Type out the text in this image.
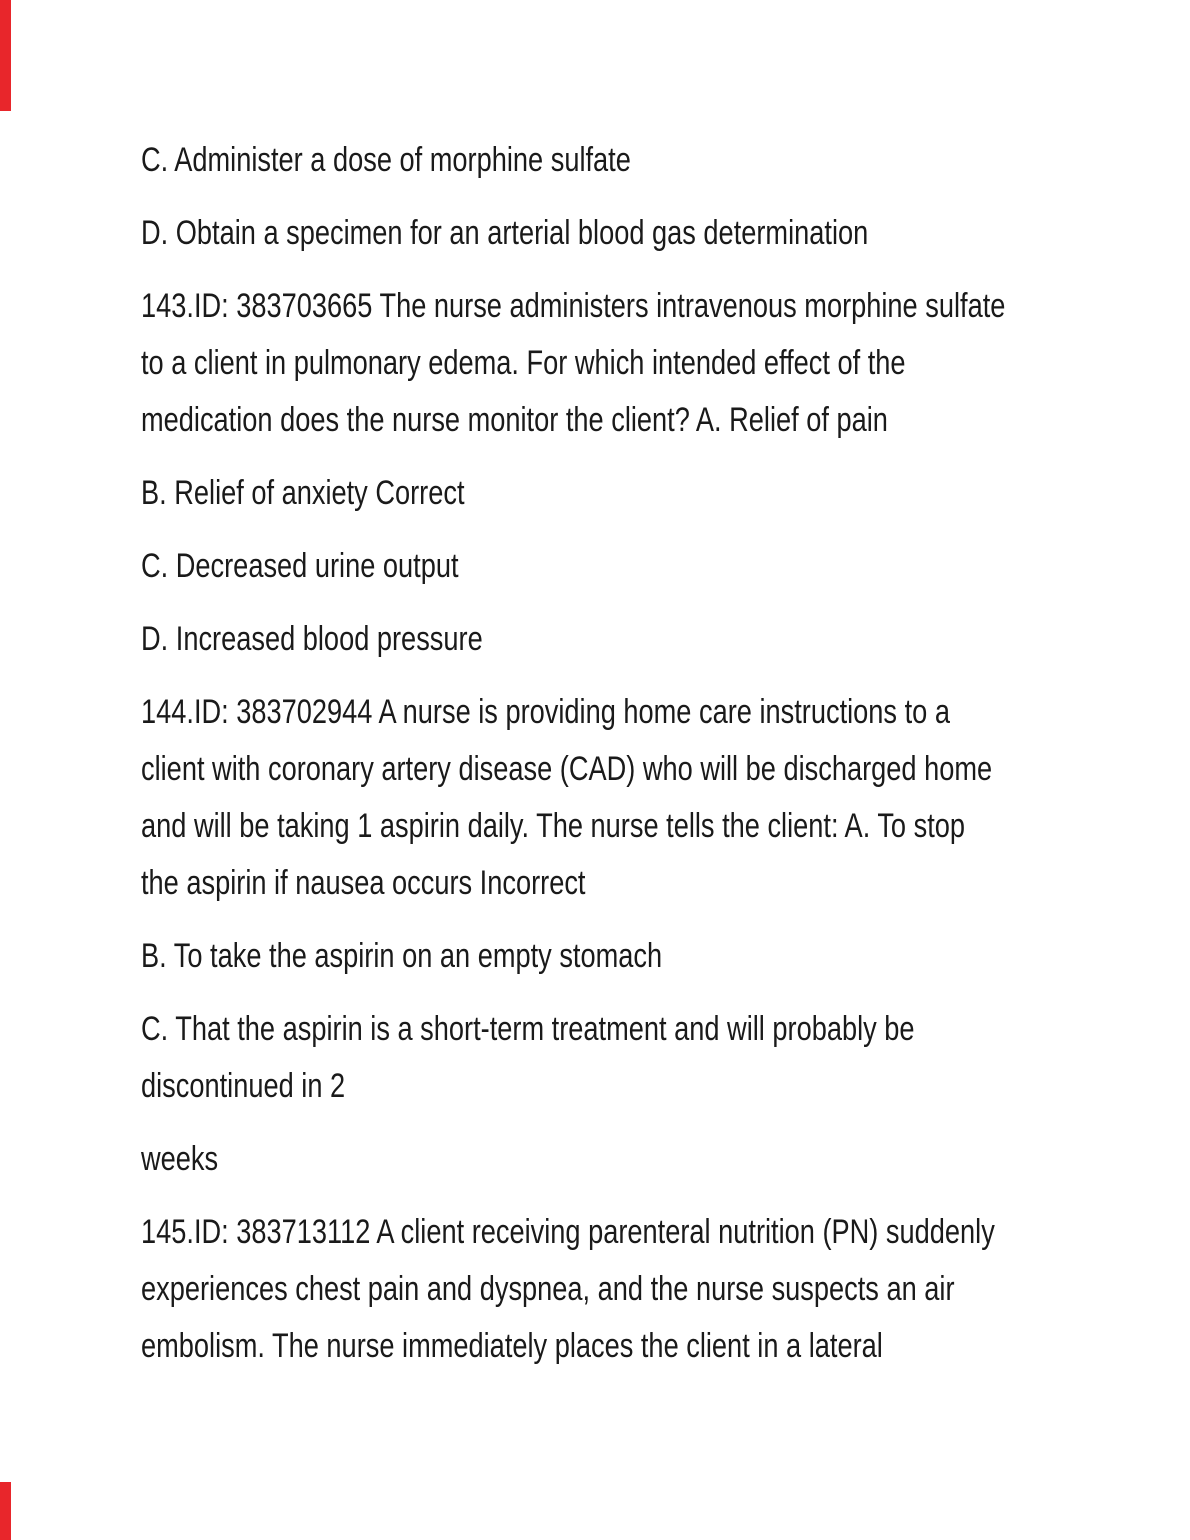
C. Administer a dose of morphine sulfate
D. Obtain a specimen for an arterial blood gas determination
143.ID: 383703665 The nurse administers intravenous morphine sulfate
to a client in pulmonary edema. For which intended effect of the
medication does the nurse monitor the client? A. Relief of pain
B. Relief of anxiety Correct
C. Decreased urine output
D. Increased blood pressure
144.ID: 383702944 A nurse is providing home care instructions to a
client with coronary artery disease (CAD) who will be discharged home
and will be taking 1 aspirin daily. The nurse tells the client: A. To stop
the aspirin if nausea occurs Incorrect
B. To take the aspirin on an empty stomach
C. That the aspirin is a short-term treatment and will probably be
discontinued in 2
weeks
145.ID: 383713112 A client receiving parenteral nutrition (PN) suddenly
experiences chest pain and dyspnea, and the nurse suspects an air
embolism. The nurse immediately places the client in a lateral
